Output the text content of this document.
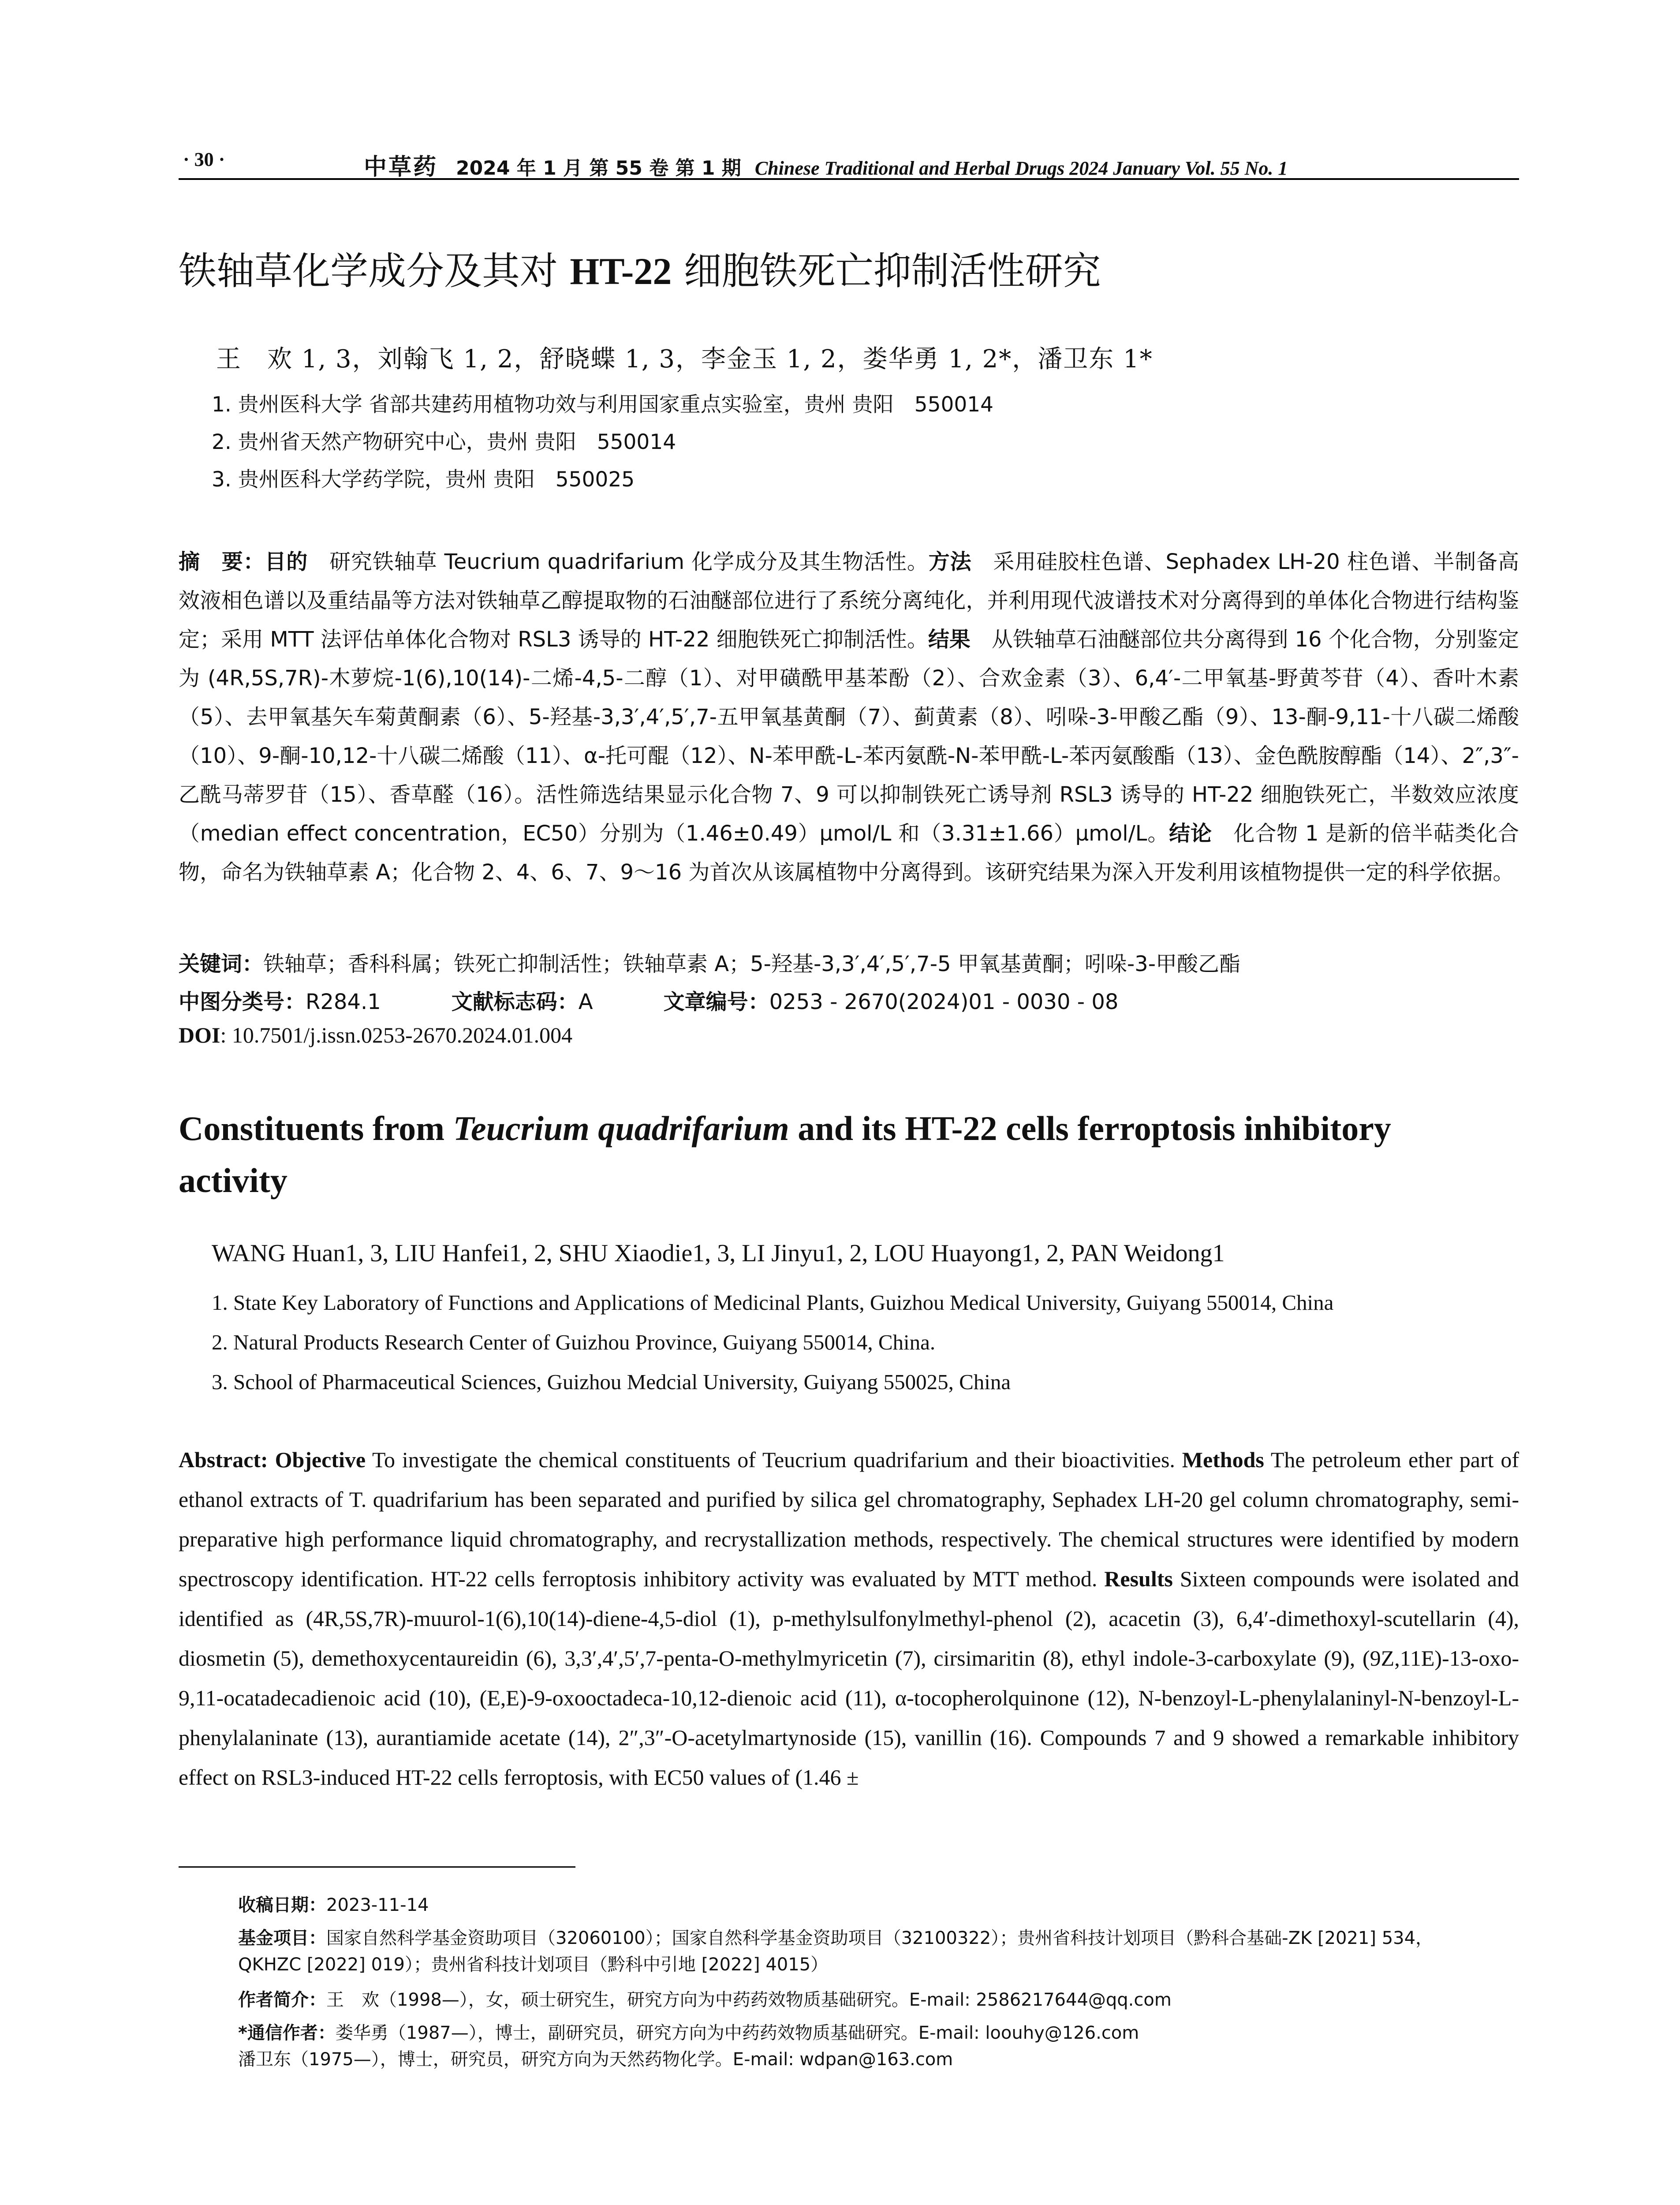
· 30 ·	中草药 2024 年 1 月 第 55 卷 第 1 期 Chinese Traditional and Herbal Drugs 2024 January Vol. 55 No. 1
铁轴草化学成分及其对 HT-22 细胞铁死亡抑制活性研究
王　欢 1, 3，刘翰飞 1, 2，舒晓蝶 1, 3，李金玉 1, 2，娄华勇 1, 2*，潘卫东 1*
1. 贵州医科大学 省部共建药用植物功效与利用国家重点实验室，贵州 贵阳　550014
2. 贵州省天然产物研究中心，贵州 贵阳　550014
3. 贵州医科大学药学院，贵州 贵阳　550025
摘　要：目的　研究铁轴草 Teucrium quadrifarium 化学成分及其生物活性。方法　采用硅胶柱色谱、Sephadex LH-20 柱色谱、半制备高效液相色谱以及重结晶等方法对铁轴草乙醇提取物的石油醚部位进行了系统分离纯化，并利用现代波谱技术对分离得到的单体化合物进行结构鉴定；采用 MTT 法评估单体化合物对 RSL3 诱导的 HT-22 细胞铁死亡抑制活性。结果　从铁轴草石油醚部位共分离得到 16 个化合物，分别鉴定为 (4R,5S,7R)-木萝烷-1(6),10(14)-二烯-4,5-二醇（1）、对甲磺酰甲基苯酚（2）、合欢金素（3）、6,4′-二甲氧基-野黄芩苷（4）、香叶木素（5）、去甲氧基矢车菊黄酮素（6）、5-羟基-3,3′,4′,5′,7-五甲氧基黄酮（7）、蓟黄素（8）、吲哚-3-甲酸乙酯（9）、13-酮-9,11-十八碳二烯酸（10）、9-酮-10,12-十八碳二烯酸（11）、α-托可醌（12）、N-苯甲酰-L-苯丙氨酰-N-苯甲酰-L-苯丙氨酸酯（13）、金色酰胺醇酯（14）、2″,3″-乙酰马蒂罗苷（15）、香草醛（16）。活性筛选结果显示化合物 7、9 可以抑制铁死亡诱导剂 RSL3 诱导的 HT-22 细胞铁死亡，半数效应浓度（median effect concentration，EC50）分别为（1.46±0.49）μmol/L 和（3.31±1.66）μmol/L。结论　化合物 1 是新的倍半萜类化合物，命名为铁轴草素 A；化合物 2、4、6、7、9～16 为首次从该属植物中分离得到。该研究结果为深入开发利用该植物提供一定的科学依据。
关键词：铁轴草；香科科属；铁死亡抑制活性；铁轴草素 A；5-羟基-3,3′,4′,5′,7-5 甲氧基黄酮；吲哚-3-甲酸乙酯
中图分类号：R284.1	文献标志码：A	文章编号：0253 - 2670(2024)01 - 0030 - 08
DOI: 10.7501/j.issn.0253-2670.2024.01.004
Constituents from Teucrium quadrifarium and its HT-22 cells ferroptosis inhibitory activity
WANG Huan1, 3, LIU Hanfei1, 2, SHU Xiaodie1, 3, LI Jinyu1, 2, LOU Huayong1, 2, PAN Weidong1
1. State Key Laboratory of Functions and Applications of Medicinal Plants, Guizhou Medical University, Guiyang 550014, China
2. Natural Products Research Center of Guizhou Province, Guiyang 550014, China.
3. School of Pharmaceutical Sciences, Guizhou Medcial University, Guiyang 550025, China
Abstract: Objective To investigate the chemical constituents of Teucrium quadrifarium and their bioactivities. Methods The petroleum ether part of ethanol extracts of T. quadrifarium has been separated and purified by silica gel chromatography, Sephadex LH-20 gel column chromatography, semi-preparative high performance liquid chromatography, and recrystallization methods, respectively. The chemical structures were identified by modern spectroscopy identification. HT-22 cells ferroptosis inhibitory activity was evaluated by MTT method. Results Sixteen compounds were isolated and identified as (4R,5S,7R)-muurol-1(6),10(14)-diene-4,5-diol (1), p-methylsulfonylmethyl-phenol (2), acacetin (3), 6,4′-dimethoxyl-scutellarin (4), diosmetin (5), demethoxycentaureidin (6), 3,3′,4′,5′,7-penta-O-methylmyricetin (7), cirsimaritin (8), ethyl indole-3-carboxylate (9), (9Z,11E)-13-oxo-9,11-ocatadecadienoic acid (10), (E,E)-9-oxooctadeca-10,12-dienoic acid (11), α-tocopherolquinone (12), N-benzoyl-L-phenylalaninyl-N-benzoyl-L-phenylalaninate (13), aurantiamide acetate (14), 2″,3″-O-acetylmartynoside (15), vanillin (16). Compounds 7 and 9 showed a remarkable inhibitory effect on RSL3-induced HT-22 cells ferroptosis, with EC50 values of (1.46 ±
收稿日期：2023-11-14
基金项目：国家自然科学基金资助项目（32060100）；国家自然科学基金资助项目（32100322）；贵州省科技计划项目（黔科合基础-ZK [2021] 534，
QKHZC [2022] 019）；贵州省科技计划项目（黔科中引地 [2022] 4015）
作者简介：王　欢（1998—），女，硕士研究生，研究方向为中药药效物质基础研究。E-mail: 2586217644@qq.com
*通信作者：娄华勇（1987—），博士，副研究员，研究方向为中药药效物质基础研究。E-mail: loouhy@126.com
潘卫东（1975—），博士，研究员，研究方向为天然药物化学。E-mail: wdpan@163.com
